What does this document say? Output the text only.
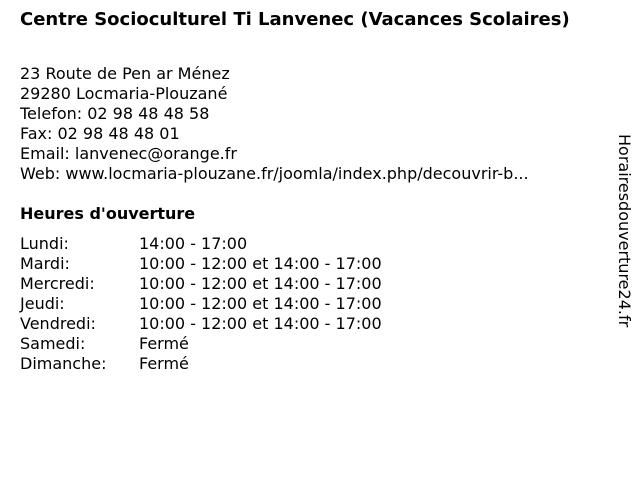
Centre Socioculturel Ti Lanvenec (Vacances Scolaires)
23 Route de Pen ar Ménez
29280 Locmaria-Plouzané
Telefon: 02 98 48 48 58
Fax: 02 98 48 48 01
Email: lanvenec@orange.fr
Web: www.locmaria-plouzane.fr/joomla/index.php/decouvrir-b...
Heures d'ouverture
Lundi:	14:00 - 17:00
Mardi:	10:00 - 12:00 et 14:00 - 17:00
Mercredi:	10:00 - 12:00 et 14:00 - 17:00
Jeudi:	10:00 - 12:00 et 14:00 - 17:00
Vendredi:	10:00 - 12:00 et 14:00 - 17:00
Samedi:	Fermé
Dimanche:	Fermé
Horairesdouverture24.fr
